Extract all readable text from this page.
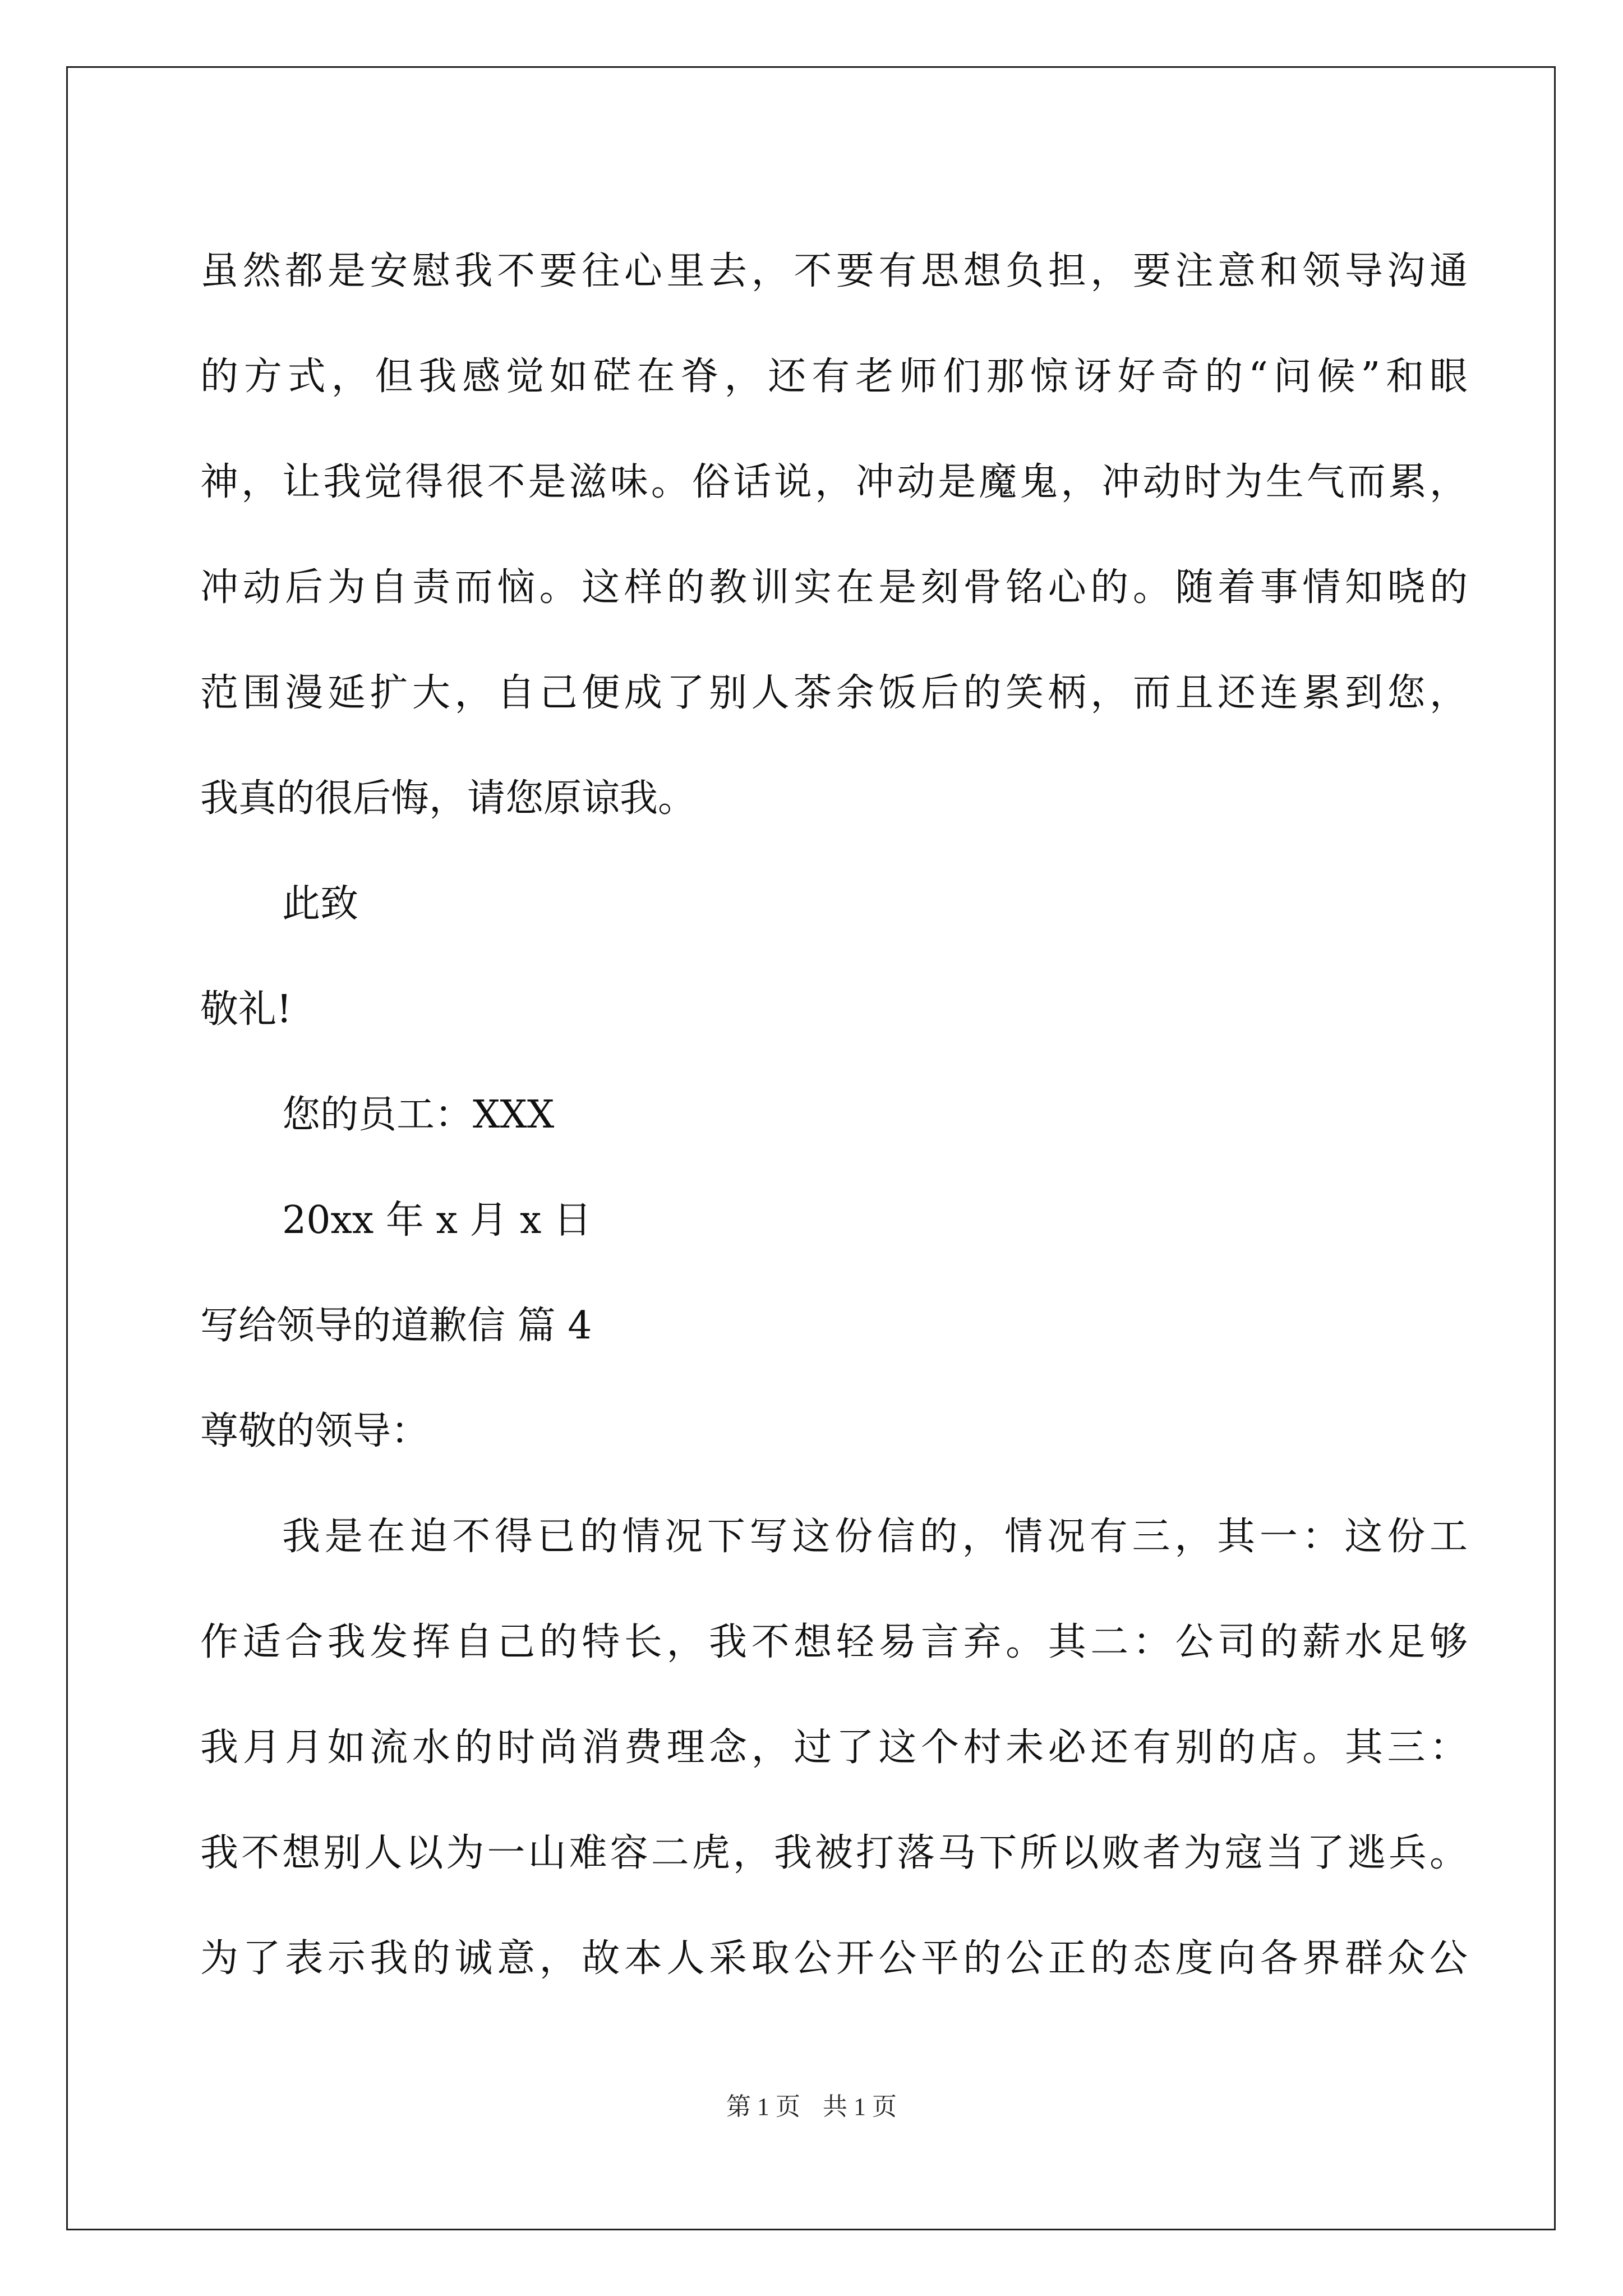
虽然都是安慰我不要往心里去，不要有思想负担，要注意和领导沟通
的方式，但我感觉如硭在脊，还有老师们那惊讶好奇的“问候”和眼
神，让我觉得很不是滋味。俗话说，冲动是魔鬼，冲动时为生气而累，
冲动后为自责而恼。这样的教训实在是刻骨铭心的。随着事情知晓的
范围漫延扩大，自己便成了别人茶余饭后的笑柄，而且还连累到您，
我真的很后悔，请您原谅我。
此致
敬礼!
您的员工：XXX
20xx 年 x 月 x 日
写给领导的道歉信 篇 4
尊敬的领导：
我是在迫不得已的情况下写这份信的，情况有三，其一：这份工
作适合我发挥自己的特长，我不想轻易言弃。其二：公司的薪水足够
我月月如流水的时尚消费理念，过了这个村未必还有别的店。其三：
我不想别人以为一山难容二虎，我被打落马下所以败者为寇当了逃兵。
为了表示我的诚意，故本人采取公开公平的公正的态度向各界群众公
第 1 页 共 1 页
